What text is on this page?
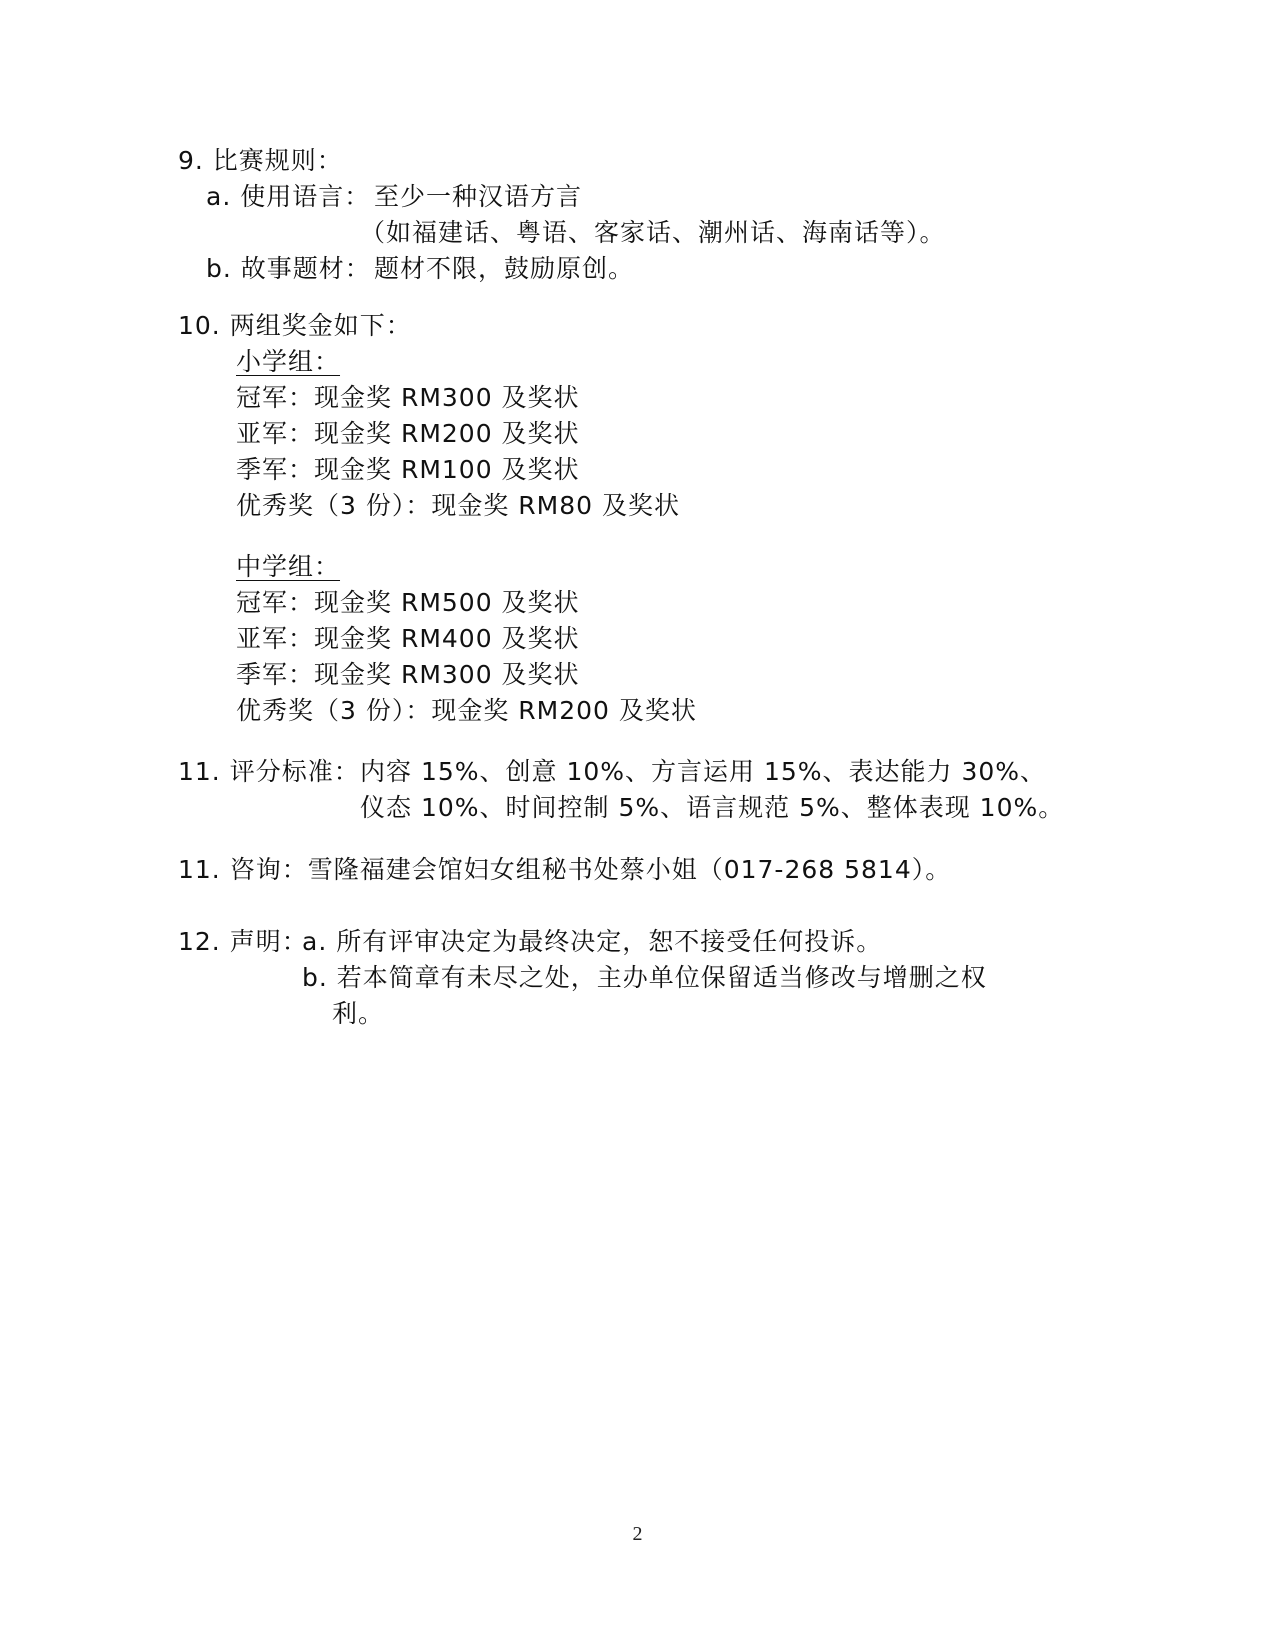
9. 比赛规则：
a. 使用语言： 至少一种汉语方言
（如福建话、粤语、客家话、潮州话、海南话等）。
b. 故事题材： 题材不限，鼓励原创。
10. 两组奖金如下：
小学组：
冠军：现金奖 RM300 及奖状
亚军：现金奖 RM200 及奖状
季军：现金奖 RM100 及奖状
优秀奖（3 份）：现金奖 RM80 及奖状
中学组：
冠军：现金奖 RM500 及奖状
亚军：现金奖 RM400 及奖状
季军：现金奖 RM300 及奖状
优秀奖（3 份）：现金奖 RM200 及奖状
11. 评分标准： 内容 15%、创意 10%、方言运用 15%、表达能力 30%、
仪态 10%、时间控制 5%、语言规范 5%、整体表现 10%。
11. 咨询：雪隆福建会馆妇女组秘书处蔡小姐（017-268 5814）。
12. 声明：
a. 所有评审决定为最终决定，恕不接受任何投诉。
b. 若本简章有未尽之处，主办单位保留适当修改与增删之权
利。
2
